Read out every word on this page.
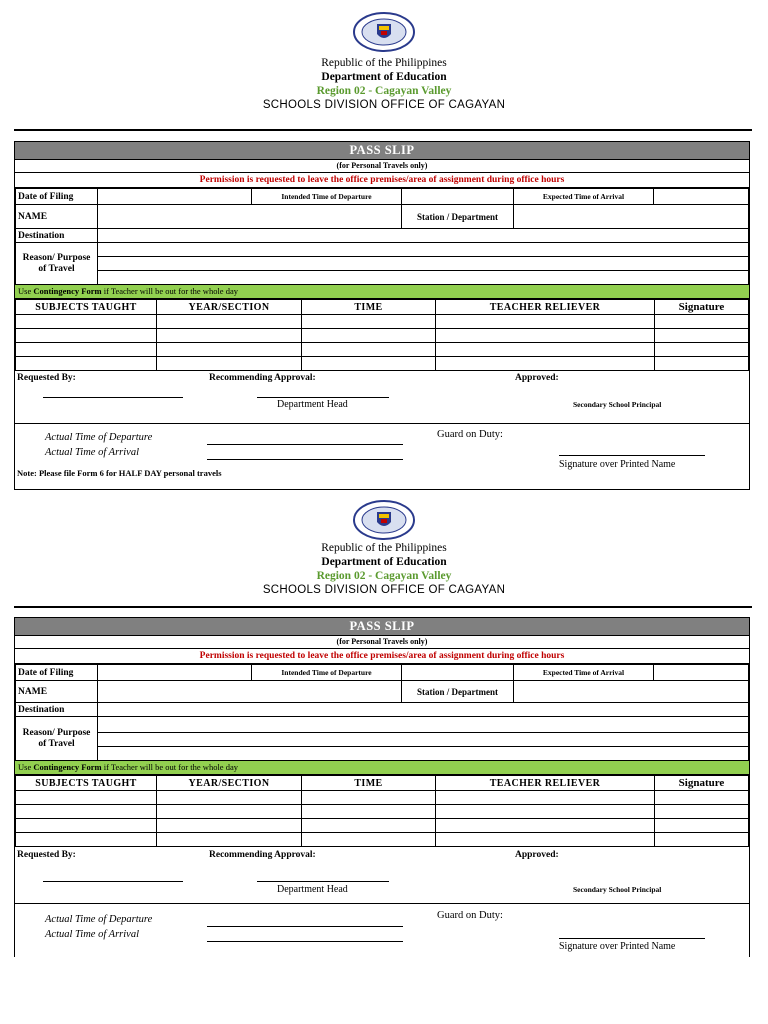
Republic of the Philippines
Department of Education
Region 02 - Cagayan Valley
SCHOOLS DIVISION OFFICE OF CAGAYAN
PASS SLIP
(for Personal Travels only)
Permission is requested to leave the office premises/area of assignment during office hours
Date of Filing		Intended Time of Departure		Expected Time of Arrival	
NAME			Station / Department		
Destination					
Reason/ Purpose of Travel					

Use Contingency Form if Teacher will be out for the whole day
SUBJECTS TAUGHT	YEAR/SECTION	TIME	TEACHER RELIEVER	Signature

Requested By:	Recommending Approval:	Approved:
Department Head	Secondary School Principal
Actual Time of Departure
Actual Time of Arrival
Guard on Duty:
Signature over Printed Name
Note: Please file Form 6 for HALF DAY personal travels
Republic of the Philippines
Department of Education
Region 02 - Cagayan Valley
SCHOOLS DIVISION OFFICE OF CAGAYAN
PASS SLIP
(for Personal Travels only)
Permission is requested to leave the office premises/area of assignment during office hours
Date of Filing		Intended Time of Departure		Expected Time of Arrival	
NAME			Station / Department		
Destination					
Reason/ Purpose of Travel					

Use Contingency Form if Teacher will be out for the whole day
SUBJECTS TAUGHT	YEAR/SECTION	TIME	TEACHER RELIEVER	Signature

Requested By:	Recommending Approval:	Approved:
Department Head	Secondary School Principal
Actual Time of Departure
Actual Time of Arrival
Guard on Duty:
Signature over Printed Name
